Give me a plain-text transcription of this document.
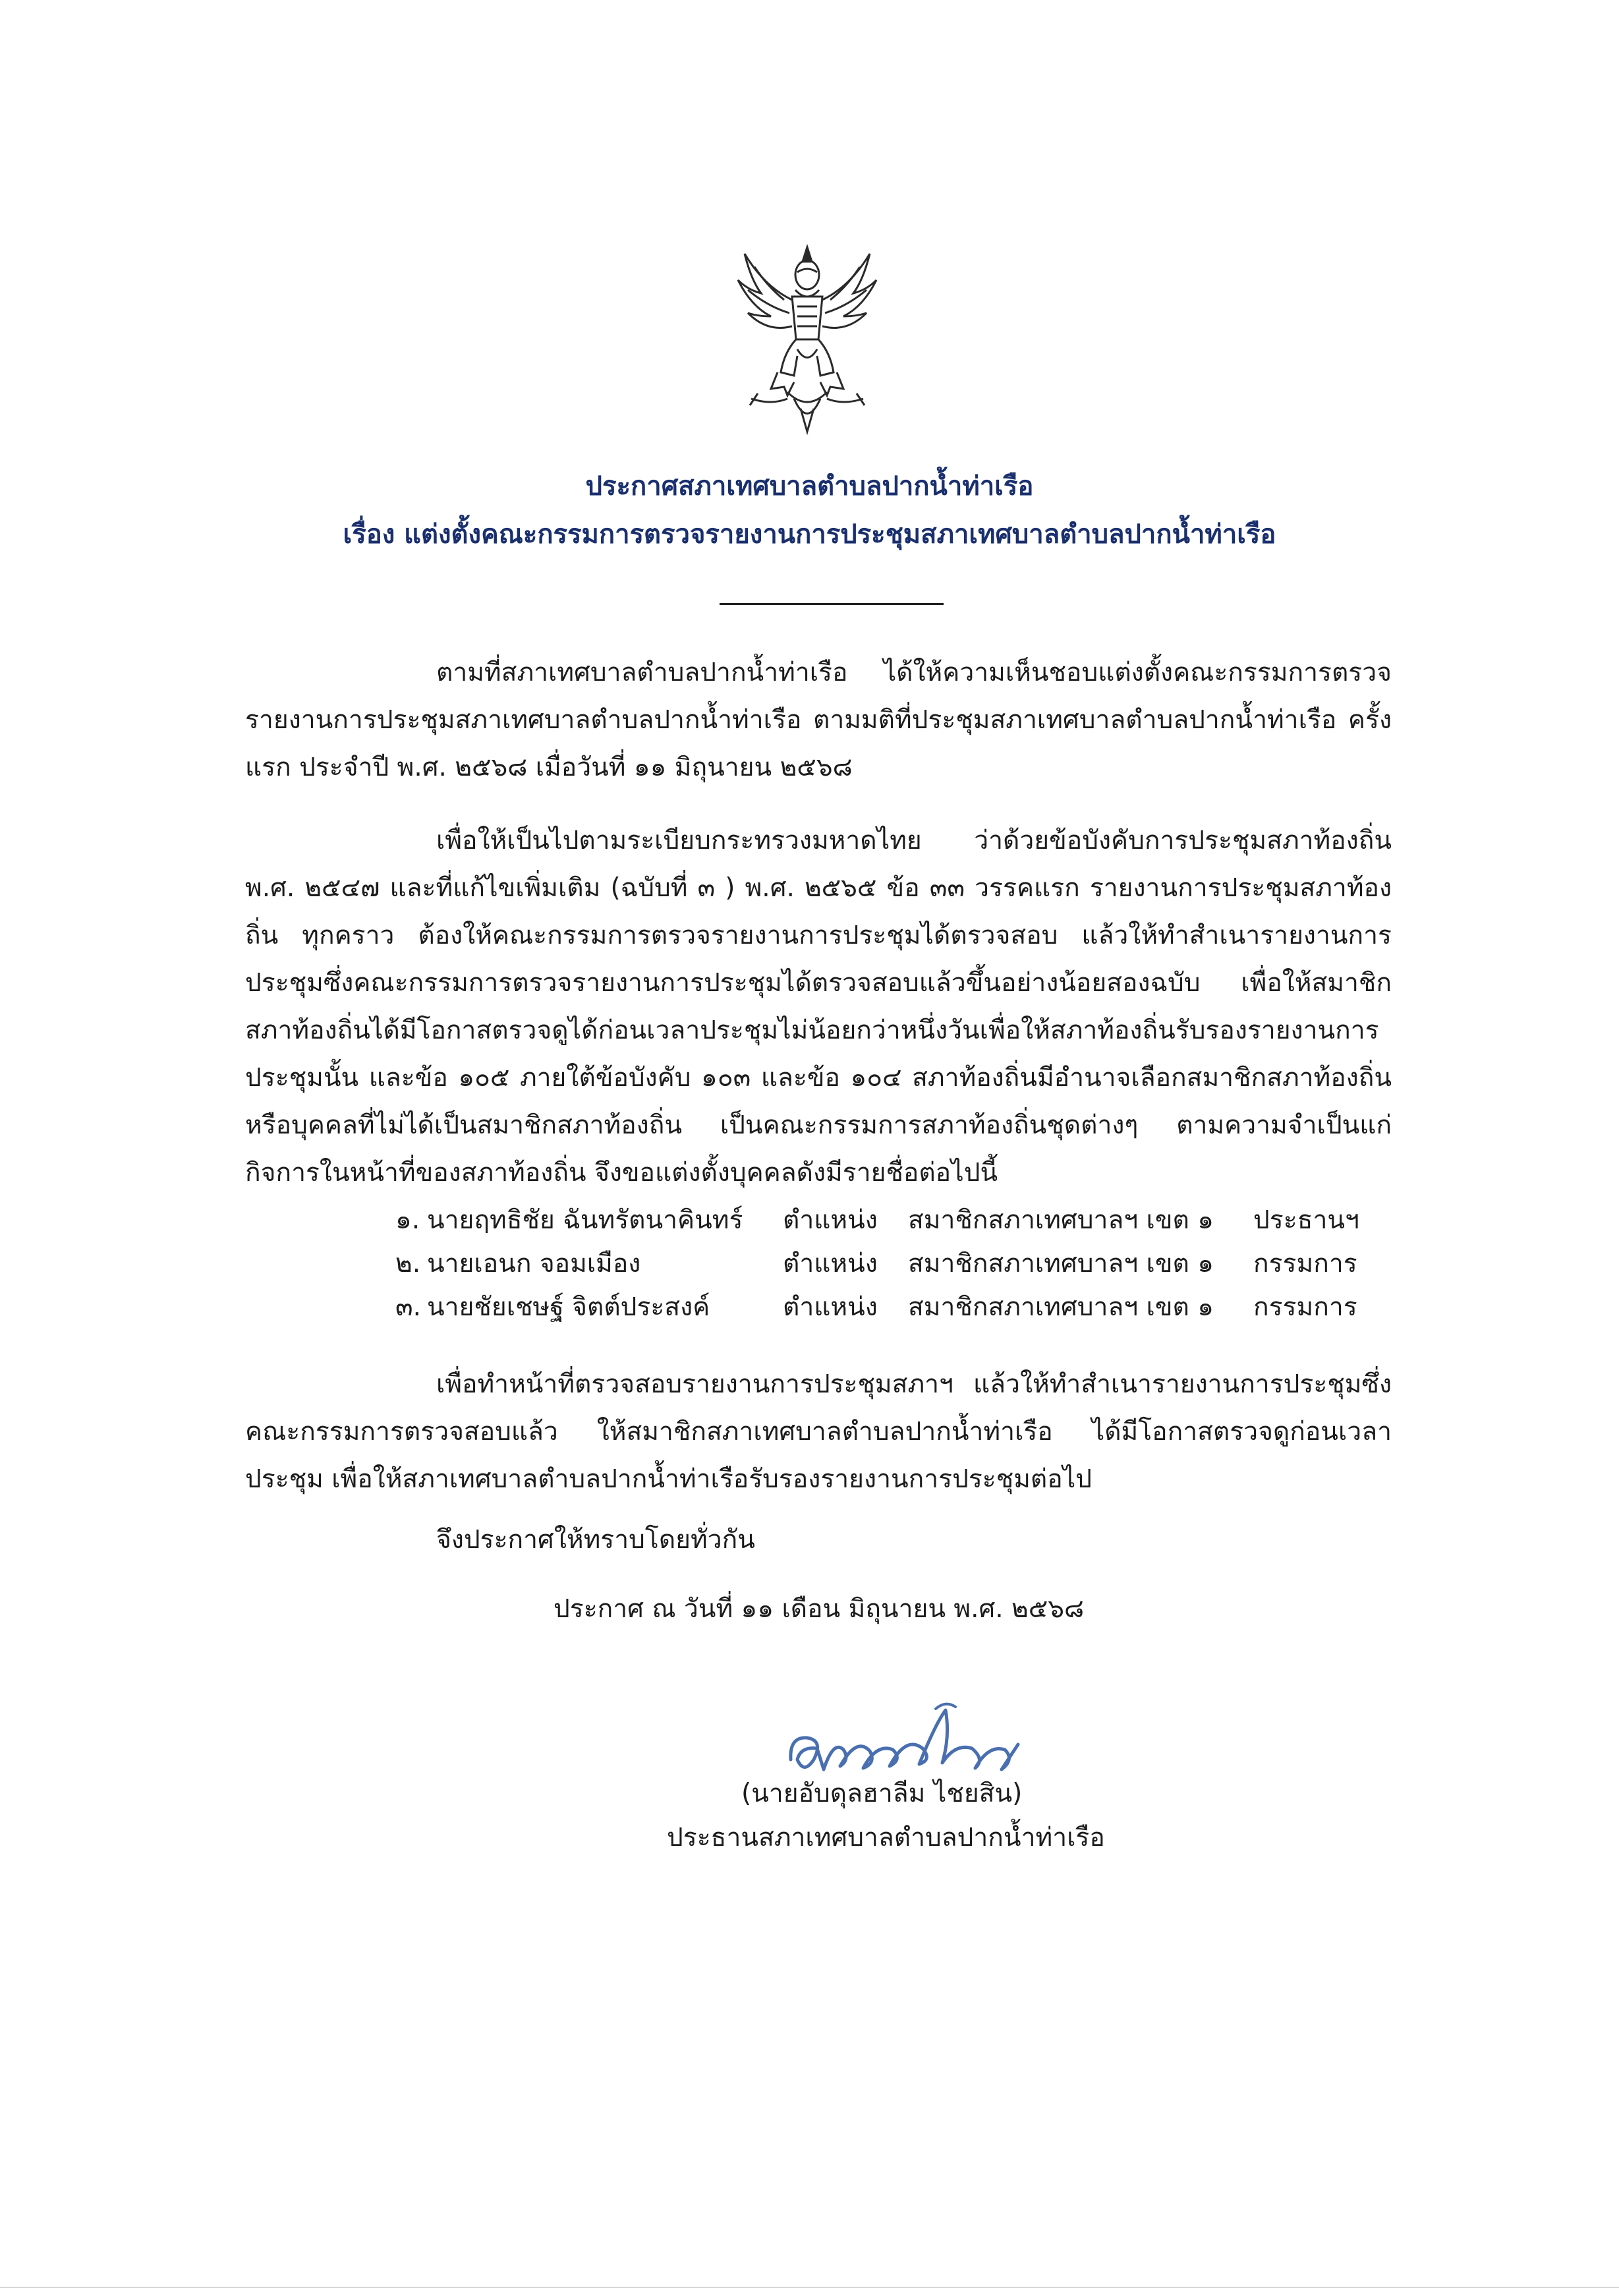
ประกาศสภาเทศบาลตำบลปากน้ำท่าเรือ
เรื่อง แต่งตั้งคณะกรรมการตรวจรายงานการประชุมสภาเทศบาลตำบลปากน้ำท่าเรือ
ตามที่สภาเทศบาลตำบลปากน้ำท่าเรือ ได้ให้ความเห็นชอบแต่งตั้งคณะกรรมการตรวจรายงานการประชุมสภาเทศบาลตำบลปากน้ำท่าเรือ ตามมติที่ประชุมสภาเทศบาลตำบลปากน้ำท่าเรือ ครั้งแรก ประจำปี พ.ศ. ๒๕๖๘ เมื่อวันที่ ๑๑ มิถุนายน ๒๕๖๘
เพื่อให้เป็นไปตามระเบียบกระทรวงมหาดไทย ว่าด้วยข้อบังคับการประชุมสภาท้องถิ่น พ.ศ. ๒๕๔๗ และที่แก้ไขเพิ่มเติม (ฉบับที่ ๓ ) พ.ศ. ๒๕๖๕ ข้อ ๓๓ วรรคแรก รายงานการประชุมสภาท้องถิ่น ทุกคราว ต้องให้คณะกรรมการตรวจรายงานการประชุมได้ตรวจสอบ แล้วให้ทำสำเนารายงานการประชุมซึ่งคณะกรรมการตรวจรายงานการประชุมได้ตรวจสอบแล้วขึ้นอย่างน้อยสองฉบับ เพื่อให้สมาชิกสภาท้องถิ่นได้มีโอกาสตรวจดูได้ก่อนเวลาประชุมไม่น้อยกว่าหนึ่งวันเพื่อให้สภาท้องถิ่นรับรองรายงานการประชุมนั้น และข้อ ๑๐๕ ภายใต้ข้อบังคับ ๑๐๓ และข้อ ๑๐๔ สภาท้องถิ่นมีอำนาจเลือกสมาชิกสภาท้องถิ่นหรือบุคคลที่ไม่ได้เป็นสมาชิกสภาท้องถิ่น เป็นคณะกรรมการสภาท้องถิ่นชุดต่างๆ ตามความจำเป็นแก่กิจการในหน้าที่ของสภาท้องถิ่น จึงขอแต่งตั้งบุคคลดังมีรายชื่อต่อไปนี้
๑. นายฤทธิชัย ฉันทรัตนาคินทร์ ตำแหน่ง สมาชิกสภาเทศบาลฯ เขต ๑ ประธานฯ
๒. นายเอนก จอมเมือง	ตำแหน่ง สมาชิกสภาเทศบาลฯ เขต ๑ กรรมการ
๓. นายชัยเชษฐ์ จิตต์ประสงค์	ตำแหน่ง สมาชิกสภาเทศบาลฯ เขต ๑ กรรมการ
เพื่อทำหน้าที่ตรวจสอบรายงานการประชุมสภาฯ แล้วให้ทำสำเนารายงานการประชุมซึ่งคณะกรรมการตรวจสอบแล้ว ให้สมาชิกสภาเทศบาลตำบลปากน้ำท่าเรือ ได้มีโอกาสตรวจดูก่อนเวลาประชุม เพื่อให้สภาเทศบาลตำบลปากน้ำท่าเรือรับรองรายงานการประชุมต่อไป
จึงประกาศให้ทราบโดยทั่วกัน
ประกาศ ณ วันที่ ๑๑ เดือน มิถุนายน พ.ศ. ๒๕๖๘
(นายอับดุลฮาลีม ไชยสิน)
ประธานสภาเทศบาลตำบลปากน้ำท่าเรือ
